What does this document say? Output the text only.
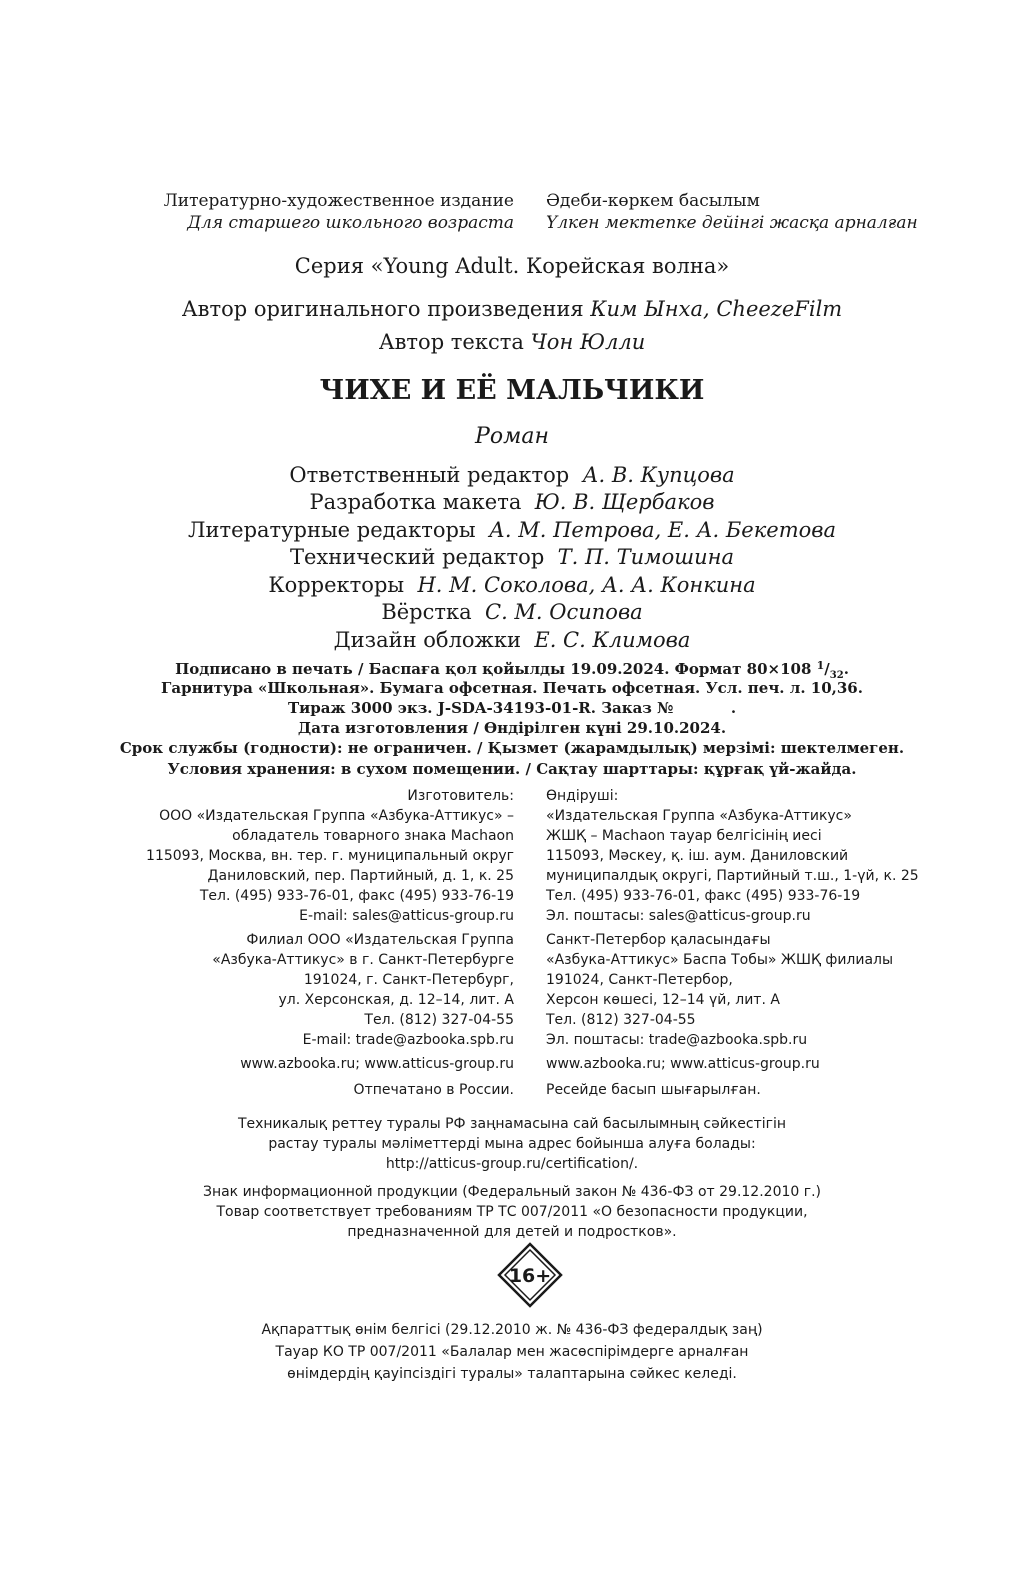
Литературно-художественное издание
Для старшего школьного возраста
Әдеби-көркем басылым
Үлкен мектепке дейінгі жасқа арналған
Серия «Young Adult. Корейская волна»
Автор оригинального произведения Ким Ынха, CheezeFilm
Автор текста Чон Юлли
ЧИХЕ И ЕЁ МАЛЬЧИКИ
Роман
Ответственный редактор А. В. Купцова
Разработка макета Ю. В. Щербаков
Литературные редакторы А. М. Петрова, Е. А. Бекетова
Технический редактор Т. П. Тимошина
Корректоры Н. М. Соколова, А. А. Конкина
Вёрстка С. М. Осипова
Дизайн обложки Е. С. Климова
Подписано в печать / Баспаға қол қойылды 19.09.2024. Формат 80×108 $^1/_{32}$.
Гарнитура «Школьная». Бумага офсетная. Печать офсетная. Усл. печ. л. 10,36.
Тираж 3000 экз. J-SDA-34193-01-R. Заказ №           .
Дата изготовления / Өндірілген күні 29.10.2024.
Срок службы (годности): не ограничен. / Қызмет (жарамдылық) мерзімі: шектелмеген.
Условия хранения: в сухом помещении. / Сақтау шарттары: құрғақ үй-жайда.
Изготовитель:
ООО «Издательская Группа «Азбука-Аттикус» –
обладатель товарного знака Machaon
115093, Москва, вн. тер. г. муниципальный округ
Даниловский, пер. Партийный, д. 1, к. 25
Тел. (495) 933-76-01, факс (495) 933-76-19
E-mail: sales@atticus-group.ru
Өндіруші:
«Издательская Группа «Азбука-Аттикус»
ЖШҚ – Machaon тауар белгісінің иесі
115093, Мәскеу, қ. іш. аум. Даниловский
муниципалдық округі, Партийный т.ш., 1-үй, к. 25
Тел. (495) 933-76-01, факс (495) 933-76-19
Эл. поштасы: sales@atticus-group.ru
Филиал ООО «Издательская Группа
«Азбука-Аттикус» в г. Санкт-Петербурге
191024, г. Санкт-Петербург,
ул. Херсонская, д. 12–14, лит. А
Тел. (812) 327-04-55
E-mail: trade@azbooka.spb.ru
Санкт-Петербор қаласындағы
«Азбука-Аттикус» Баспа Тобы» ЖШҚ филиалы
191024, Санкт-Петербор,
Херсон көшесі, 12–14 үй, лит. А
Тел. (812) 327-04-55
Эл. поштасы: trade@azbooka.spb.ru
www.azbooka.ru; www.atticus-group.ru www.azbooka.ru; www.atticus-group.ru
Отпечатано в России. Ресейде басып шығарылған.
Техникалық реттеу туралы РФ заңнамасына сай басылымның сәйкестігін
растау туралы мәліметтерді мына адрес бойынша алуға болады:
http://atticus-group.ru/certification/.
Знак информационной продукции (Федеральный закон № 436-ФЗ от 29.12.2010 г.)
Товар соответствует требованиям ТР ТС 007/2011 «О безопасности продукции,
предназначенной для детей и подростков».
16+
Ақпараттық өнім белгісі (29.12.2010 ж. № 436-ФЗ федералдық заң)
Тауар КО ТР 007/2011 «Балалар мен жасөспірімдерге арналған
өнімдердің қауіпсіздігі туралы» талаптарына сәйкес келеді.
